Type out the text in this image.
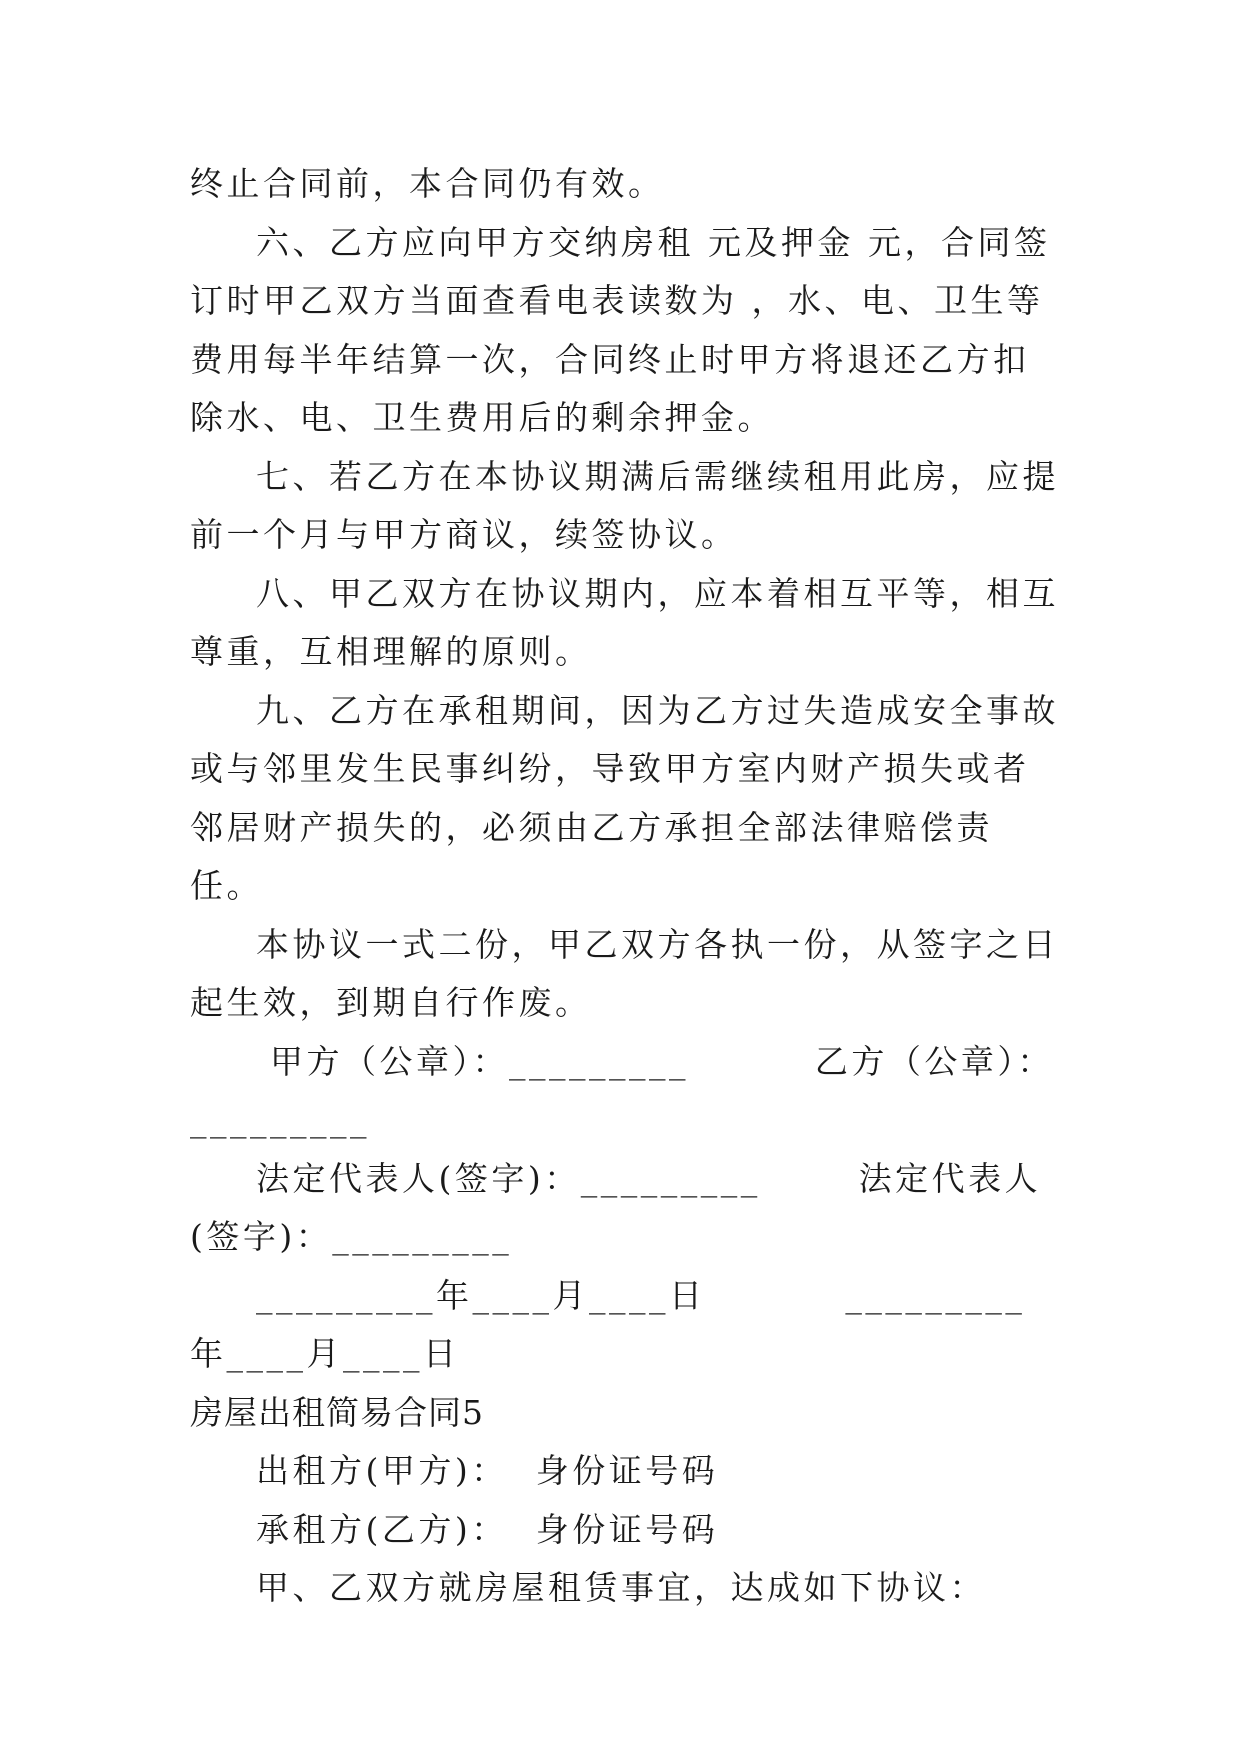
终止合同前，本合同仍有效。

六、乙方应向甲方交纳房租 元及押金 元，合同签订时甲乙双方当面查看电表读数为 ，水、电、卫生等费用每半年结算一次，合同终止时甲方将退还乙方扣除水、电、卫生费用后的剩余押金。

七、若乙方在本协议期满后需继续租用此房，应提前一个月与甲方商议，续签协议。

八、甲乙双方在协议期内，应本着相互平等，相互尊重，互相理解的原则。

九、乙方在承租期间，因为乙方过失造成安全事故或与邻里发生民事纠纷，导致甲方室内财产损失或者邻居财产损失的，必须由乙方承担全部法律赔偿责任。

本协议一式二份，甲乙双方各执一份，从签字之日起生效，到期自行作废。

甲方（公章）：_________         乙方（公章）：_________

法定代表人(签字)：_________       法定代表人(签字)：_________

_________年____月____日          _________年____月____日

房屋出租简易合同5

出租方(甲方)：  身份证号码

承租方(乙方)：  身份证号码

甲、乙双方就房屋租赁事宜，达成如下协议：
